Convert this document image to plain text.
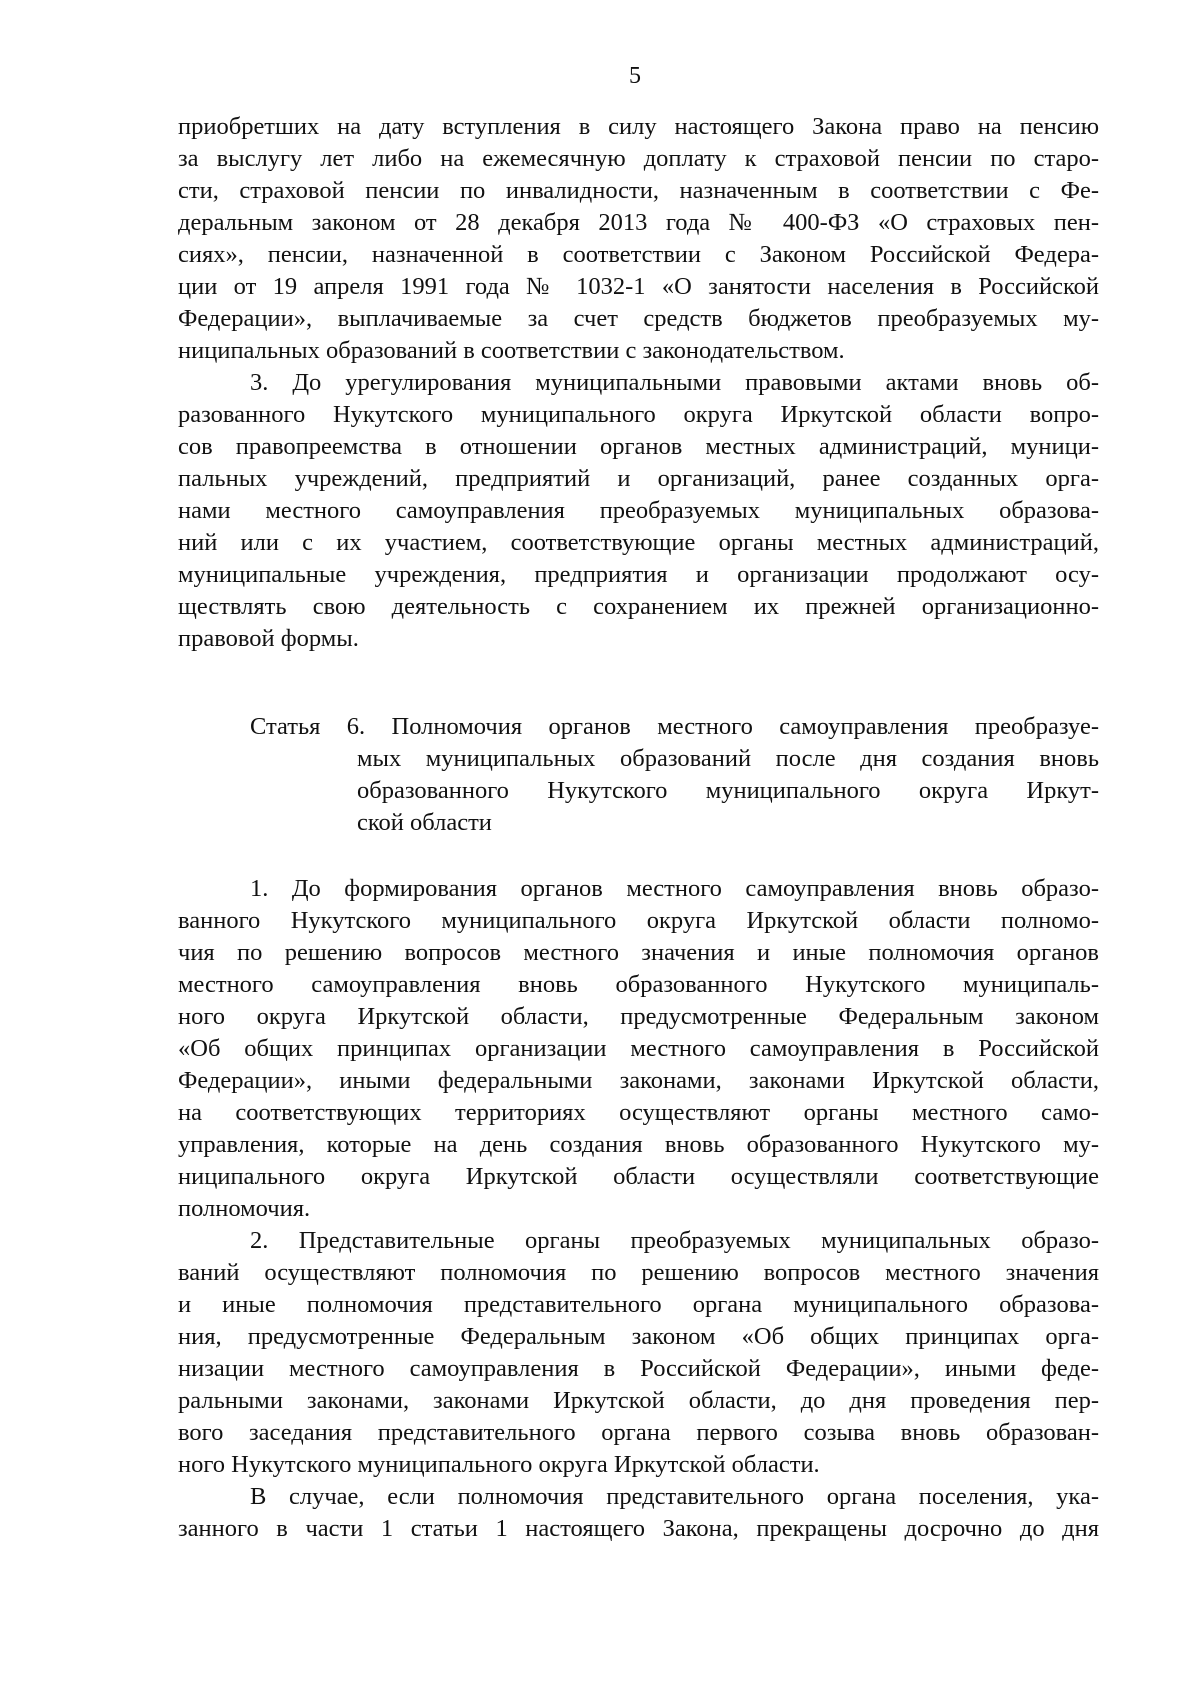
5
приобретших на дату вступления в силу настоящего Закона право на пенсию
за выслугу лет либо на ежемесячную доплату к страховой пенсии по старо-
сти, страховой пенсии по инвалидности, назначенным в соответствии с Фе-
деральным законом от 28 декабря 2013 года № 400-ФЗ «О страховых пен-
сиях», пенсии, назначенной в соответствии с Законом Российской Федера-
ции от 19 апреля 1991 года № 1032-1 «О занятости населения в Российской
Федерации», выплачиваемые за счет средств бюджетов преобразуемых му-
ниципальных образований в соответствии с законодательством.
3. До урегулирования муниципальными правовыми актами вновь об-
разованного Нукутского муниципального округа Иркутской области вопро-
сов правопреемства в отношении органов местных администраций, муници-
пальных учреждений, предприятий и организаций, ранее созданных орга-
нами местного самоуправления преобразуемых муниципальных образова-
ний или с их участием, соответствующие органы местных администраций,
муниципальные учреждения, предприятия и организации продолжают осу-
ществлять свою деятельность с сохранением их прежней организационно-
правовой формы.
Статья 6. Полномочия органов местного самоуправления преобразуе-
мых муниципальных образований после дня создания вновь
образованного Нукутского муниципального округа Иркут-
ской области
1. До формирования органов местного самоуправления вновь образо-
ванного Нукутского муниципального округа Иркутской области полномо-
чия по решению вопросов местного значения и иные полномочия органов
местного самоуправления вновь образованного Нукутского муниципаль-
ного округа Иркутской области, предусмотренные Федеральным законом
«Об общих принципах организации местного самоуправления в Российской
Федерации», иными федеральными законами, законами Иркутской области,
на соответствующих территориях осуществляют органы местного само-
управления, которые на день создания вновь образованного Нукутского му-
ниципального округа Иркутской области осуществляли соответствующие
полномочия.
2. Представительные органы преобразуемых муниципальных образо-
ваний осуществляют полномочия по решению вопросов местного значения
и иные полномочия представительного органа муниципального образова-
ния, предусмотренные Федеральным законом «Об общих принципах орга-
низации местного самоуправления в Российской Федерации», иными феде-
ральными законами, законами Иркутской области, до дня проведения пер-
вого заседания представительного органа первого созыва вновь образован-
ного Нукутского муниципального округа Иркутской области.
В случае, если полномочия представительного органа поселения, ука-
занного в части 1 статьи 1 настоящего Закона, прекращены досрочно до дня
